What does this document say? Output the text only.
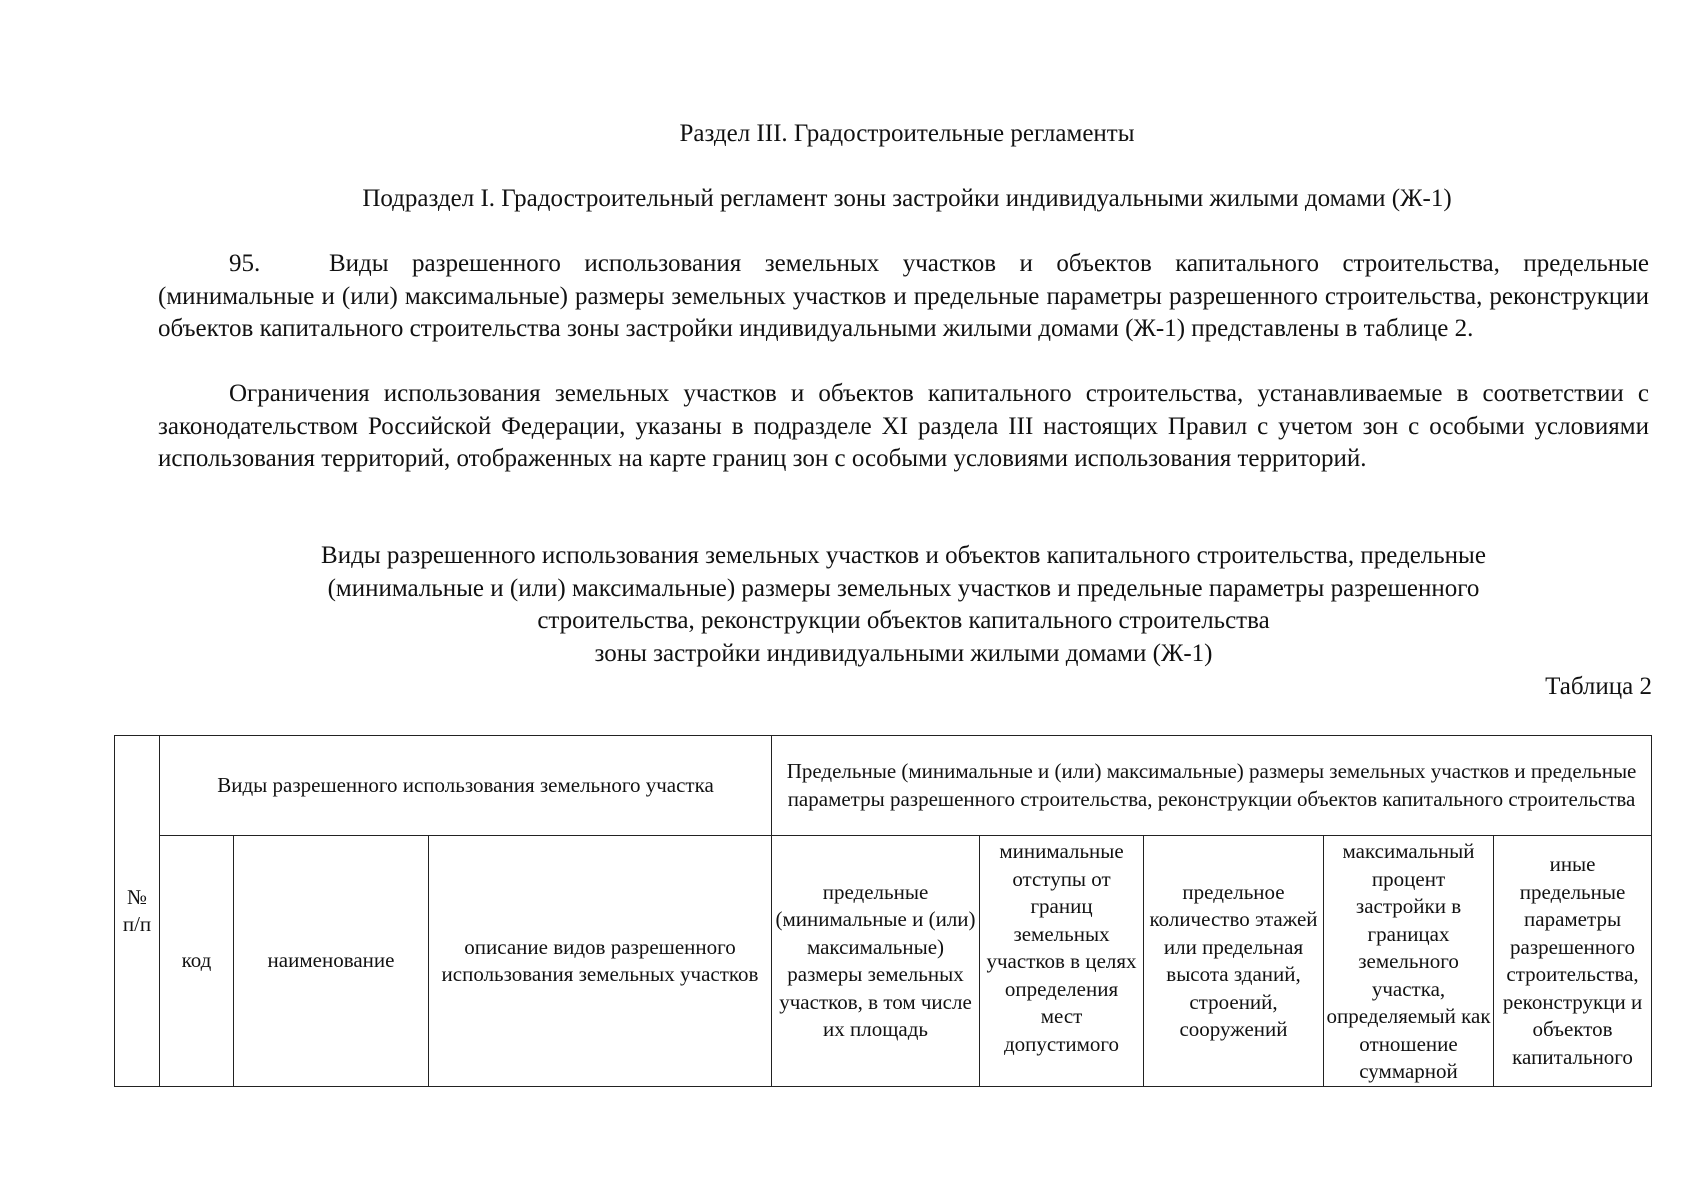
Раздел III. Градостроительные регламенты
Подраздел I. Градостроительный регламент зоны застройки индивидуальными жилыми домами (Ж-1)
95.	Виды разрешенного использования земельных участков и объектов капитального строительства, предельные (минимальные и (или) максимальные) размеры земельных участков и предельные параметры разрешенного строительства, реконструкции объектов капитального строительства зоны застройки индивидуальными жилыми домами (Ж-1) представлены в таблице 2.
Ограничения использования земельных участков и объектов капитального строительства, устанавливаемые в соответствии с законодательством Российской Федерации, указаны в подразделе XI раздела III настоящих Правил с учетом зон с особыми условиями использования территорий, отображенных на карте границ зон с особыми условиями использования территорий.
Виды разрешенного использования земельных участков и объектов капитального строительства, предельные
(минимальные и (или) максимальные) размеры земельных участков и предельные параметры разрешенного
строительства, реконструкции объектов капитального строительства
зоны застройки индивидуальными жилыми домами (Ж-1)
Таблица 2
№ п/п	Виды разрешенного использования земельного участка			Предельные (минимальные и (или) максимальные) размеры земельных участков и предельные параметры разрешенного строительства, реконструкции объектов капитального строительства				
	код	наименование	описание видов разрешенного использования земельных участков	предельные (минимальные и (или) максимальные) размеры земельных участков, в том числе их площадь	минимальные отступы от границ земельных участков в целях определения мест допустимого	предельное количество этажей или предельная высота зданий, строений, сооружений	максимальный процент застройки в границах земельного участка, определяемый как отношение суммарной	иные предельные параметры разрешенного строительства, реконструкци и объектов капитального
